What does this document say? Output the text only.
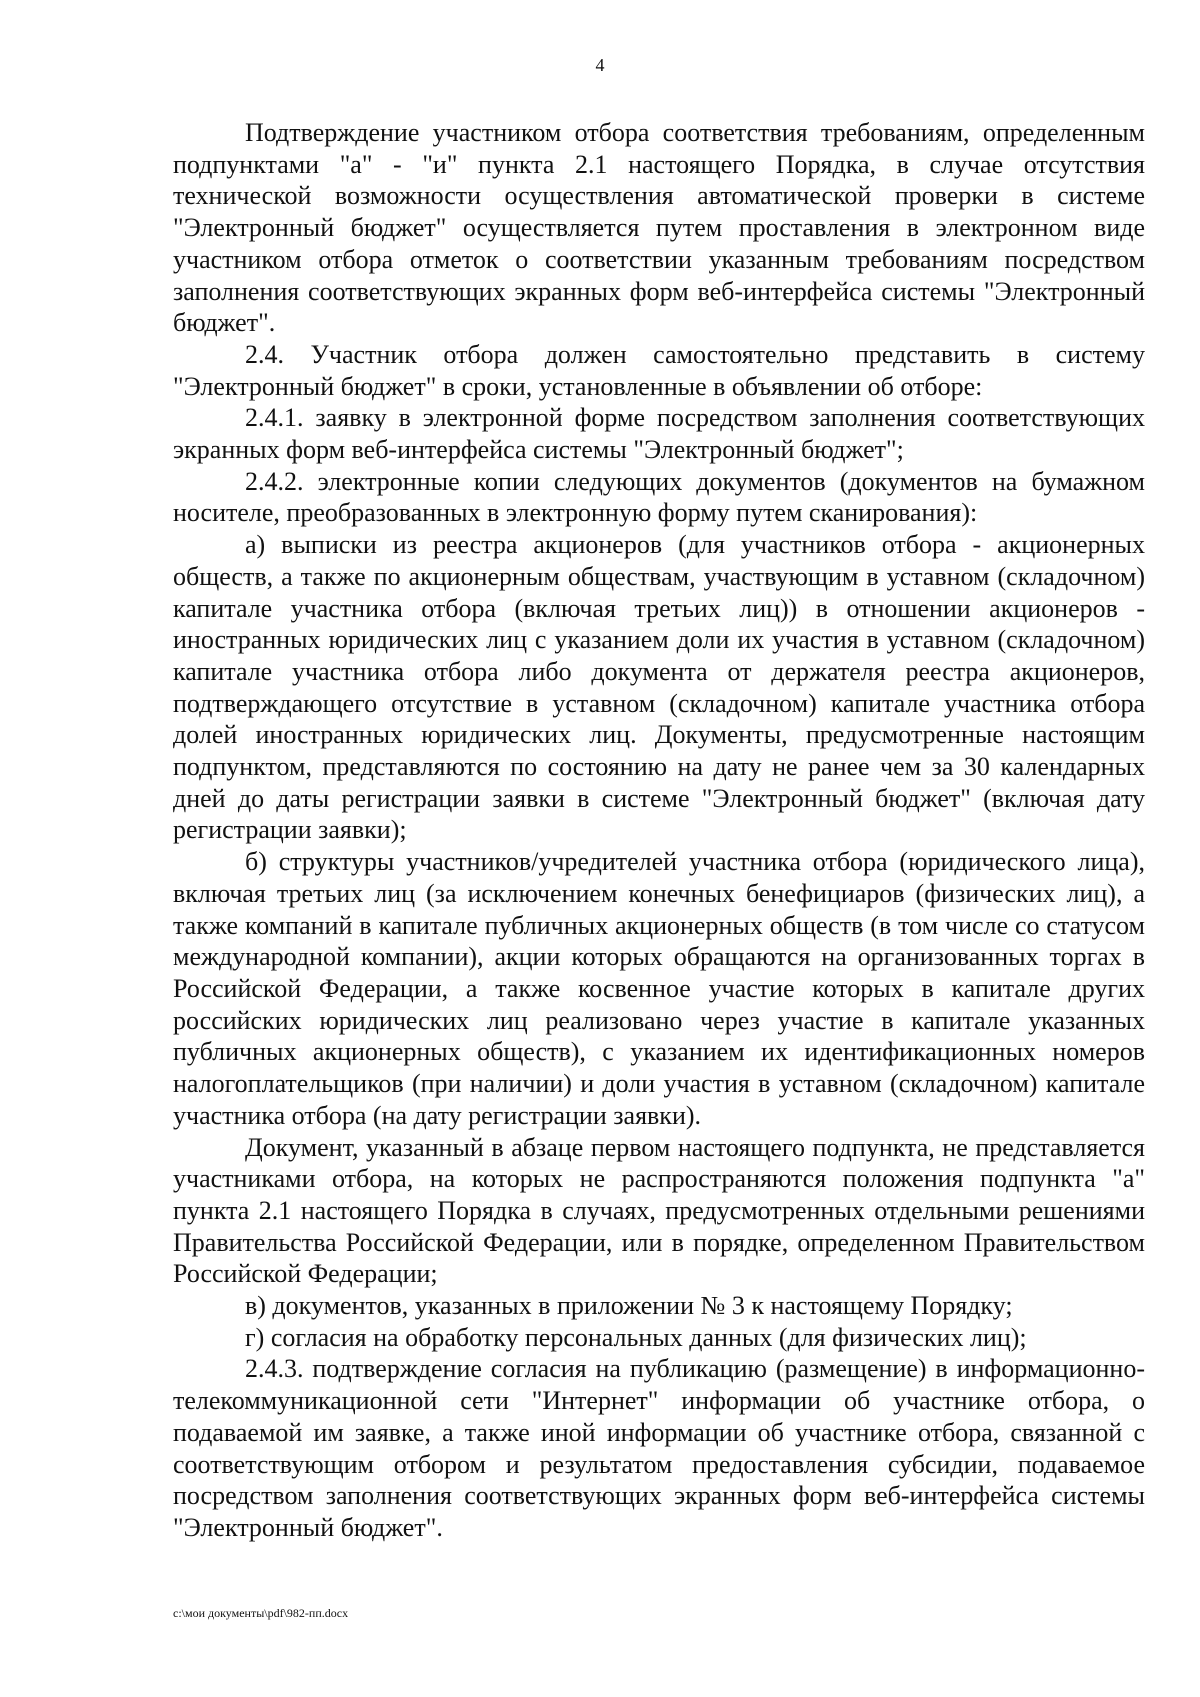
4

Подтверждение участником отбора соответствия требованиям, определенным подпунктами "а" - "и" пункта 2.1 настоящего Порядка, в случае отсутствия технической возможности осуществления автоматической проверки в системе "Электронный бюджет" осуществляется путем проставления в электронном виде участником отбора отметок о соответствии указанным требованиям посредством заполнения соответствующих экранных форм веб-интерфейса системы "Электронный бюджет".

2.4. Участник отбора должен самостоятельно представить в систему "Электронный бюджет" в сроки, установленные в объявлении об отборе:

2.4.1. заявку в электронной форме посредством заполнения соответствующих экранных форм веб-интерфейса системы "Электронный бюджет";

2.4.2. электронные копии следующих документов (документов на бумажном носителе, преобразованных в электронную форму путем сканирования):

а) выписки из реестра акционеров (для участников отбора - акционерных обществ, а также по акционерным обществам, участвующим в уставном (складочном) капитале участника отбора (включая третьих лиц)) в отношении акционеров - иностранных юридических лиц с указанием доли их участия в уставном (складочном) капитале участника отбора либо документа от держателя реестра акционеров, подтверждающего отсутствие в уставном (складочном) капитале участника отбора долей иностранных юридических лиц. Документы, предусмотренные настоящим подпунктом, представляются по состоянию на дату не ранее чем за 30 календарных дней до даты регистрации заявки в системе "Электронный бюджет" (включая дату регистрации заявки);

б) структуры участников/учредителей участника отбора (юридического лица), включая третьих лиц (за исключением конечных бенефициаров (физических лиц), а также компаний в капитале публичных акционерных обществ (в том числе со статусом международной компании), акции которых обращаются на организованных торгах в Российской Федерации, а также косвенное участие которых в капитале других российских юридических лиц реализовано через участие в капитале указанных публичных акционерных обществ), с указанием их идентификационных номеров налогоплательщиков (при наличии) и доли участия в уставном (складочном) капитале участника отбора (на дату регистрации заявки).

Документ, указанный в абзаце первом настоящего подпункта, не представляется участниками отбора, на которых не распространяются положения подпункта "а" пункта 2.1 настоящего Порядка в случаях, предусмотренных отдельными решениями Правительства Российской Федерации, или в порядке, определенном Правительством Российской Федерации;

в) документов, указанных в приложении № 3 к настоящему Порядку;

г) согласия на обработку персональных данных (для физических лиц);

2.4.3. подтверждение согласия на публикацию (размещение) в информационно-телекоммуникационной сети "Интернет" информации об участнике отбора, о подаваемой им заявке, а также иной информации об участнике отбора, связанной с соответствующим отбором и результатом предоставления субсидии, подаваемое посредством заполнения соответствующих экранных форм веб-интерфейса системы "Электронный бюджет".

c:\мои документы\pdf\982-пп.docx
